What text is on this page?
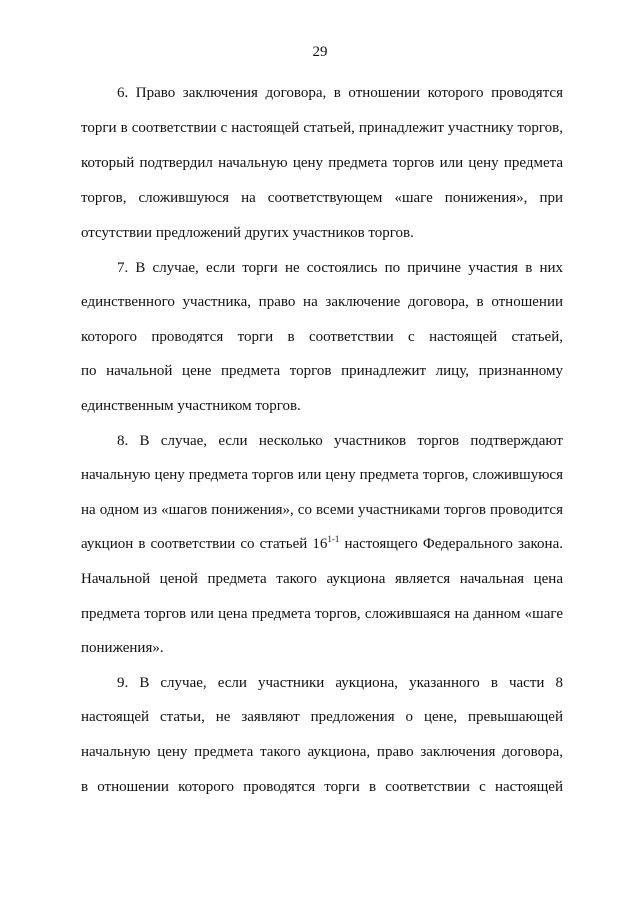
29
6. Право заключения договора, в отношении которого проводятся
торги в соответствии с настоящей статьей, принадлежит участнику торгов,
который подтвердил начальную цену предмета торгов или цену предмета
торгов, сложившуюся на соответствующем «шаге понижения», при
отсутствии предложений других участников торгов.
7. В случае, если торги не состоялись по причине участия в них
единственного участника, право на заключение договора, в отношении
которого проводятся торги в соответствии с настоящей статьей,
по начальной цене предмета торгов принадлежит лицу, признанному
единственным участником торгов.
8. В случае, если несколько участников торгов подтверждают
начальную цену предмета торгов или цену предмета торгов, сложившуюся
на одном из «шагов понижения», со всеми участниками торгов проводится
аукцион в соответствии со статьей 16$^{1-1}$ настоящего Федерального закона.
Начальной ценой предмета такого аукциона является начальная цена
предмета торгов или цена предмета торгов, сложившаяся на данном «шаге
понижения».
9. В случае, если участники аукциона, указанного в части 8
настоящей статьи, не заявляют предложения о цене, превышающей
начальную цену предмета такого аукциона, право заключения договора,
в отношении которого проводятся торги в соответствии с настоящей
